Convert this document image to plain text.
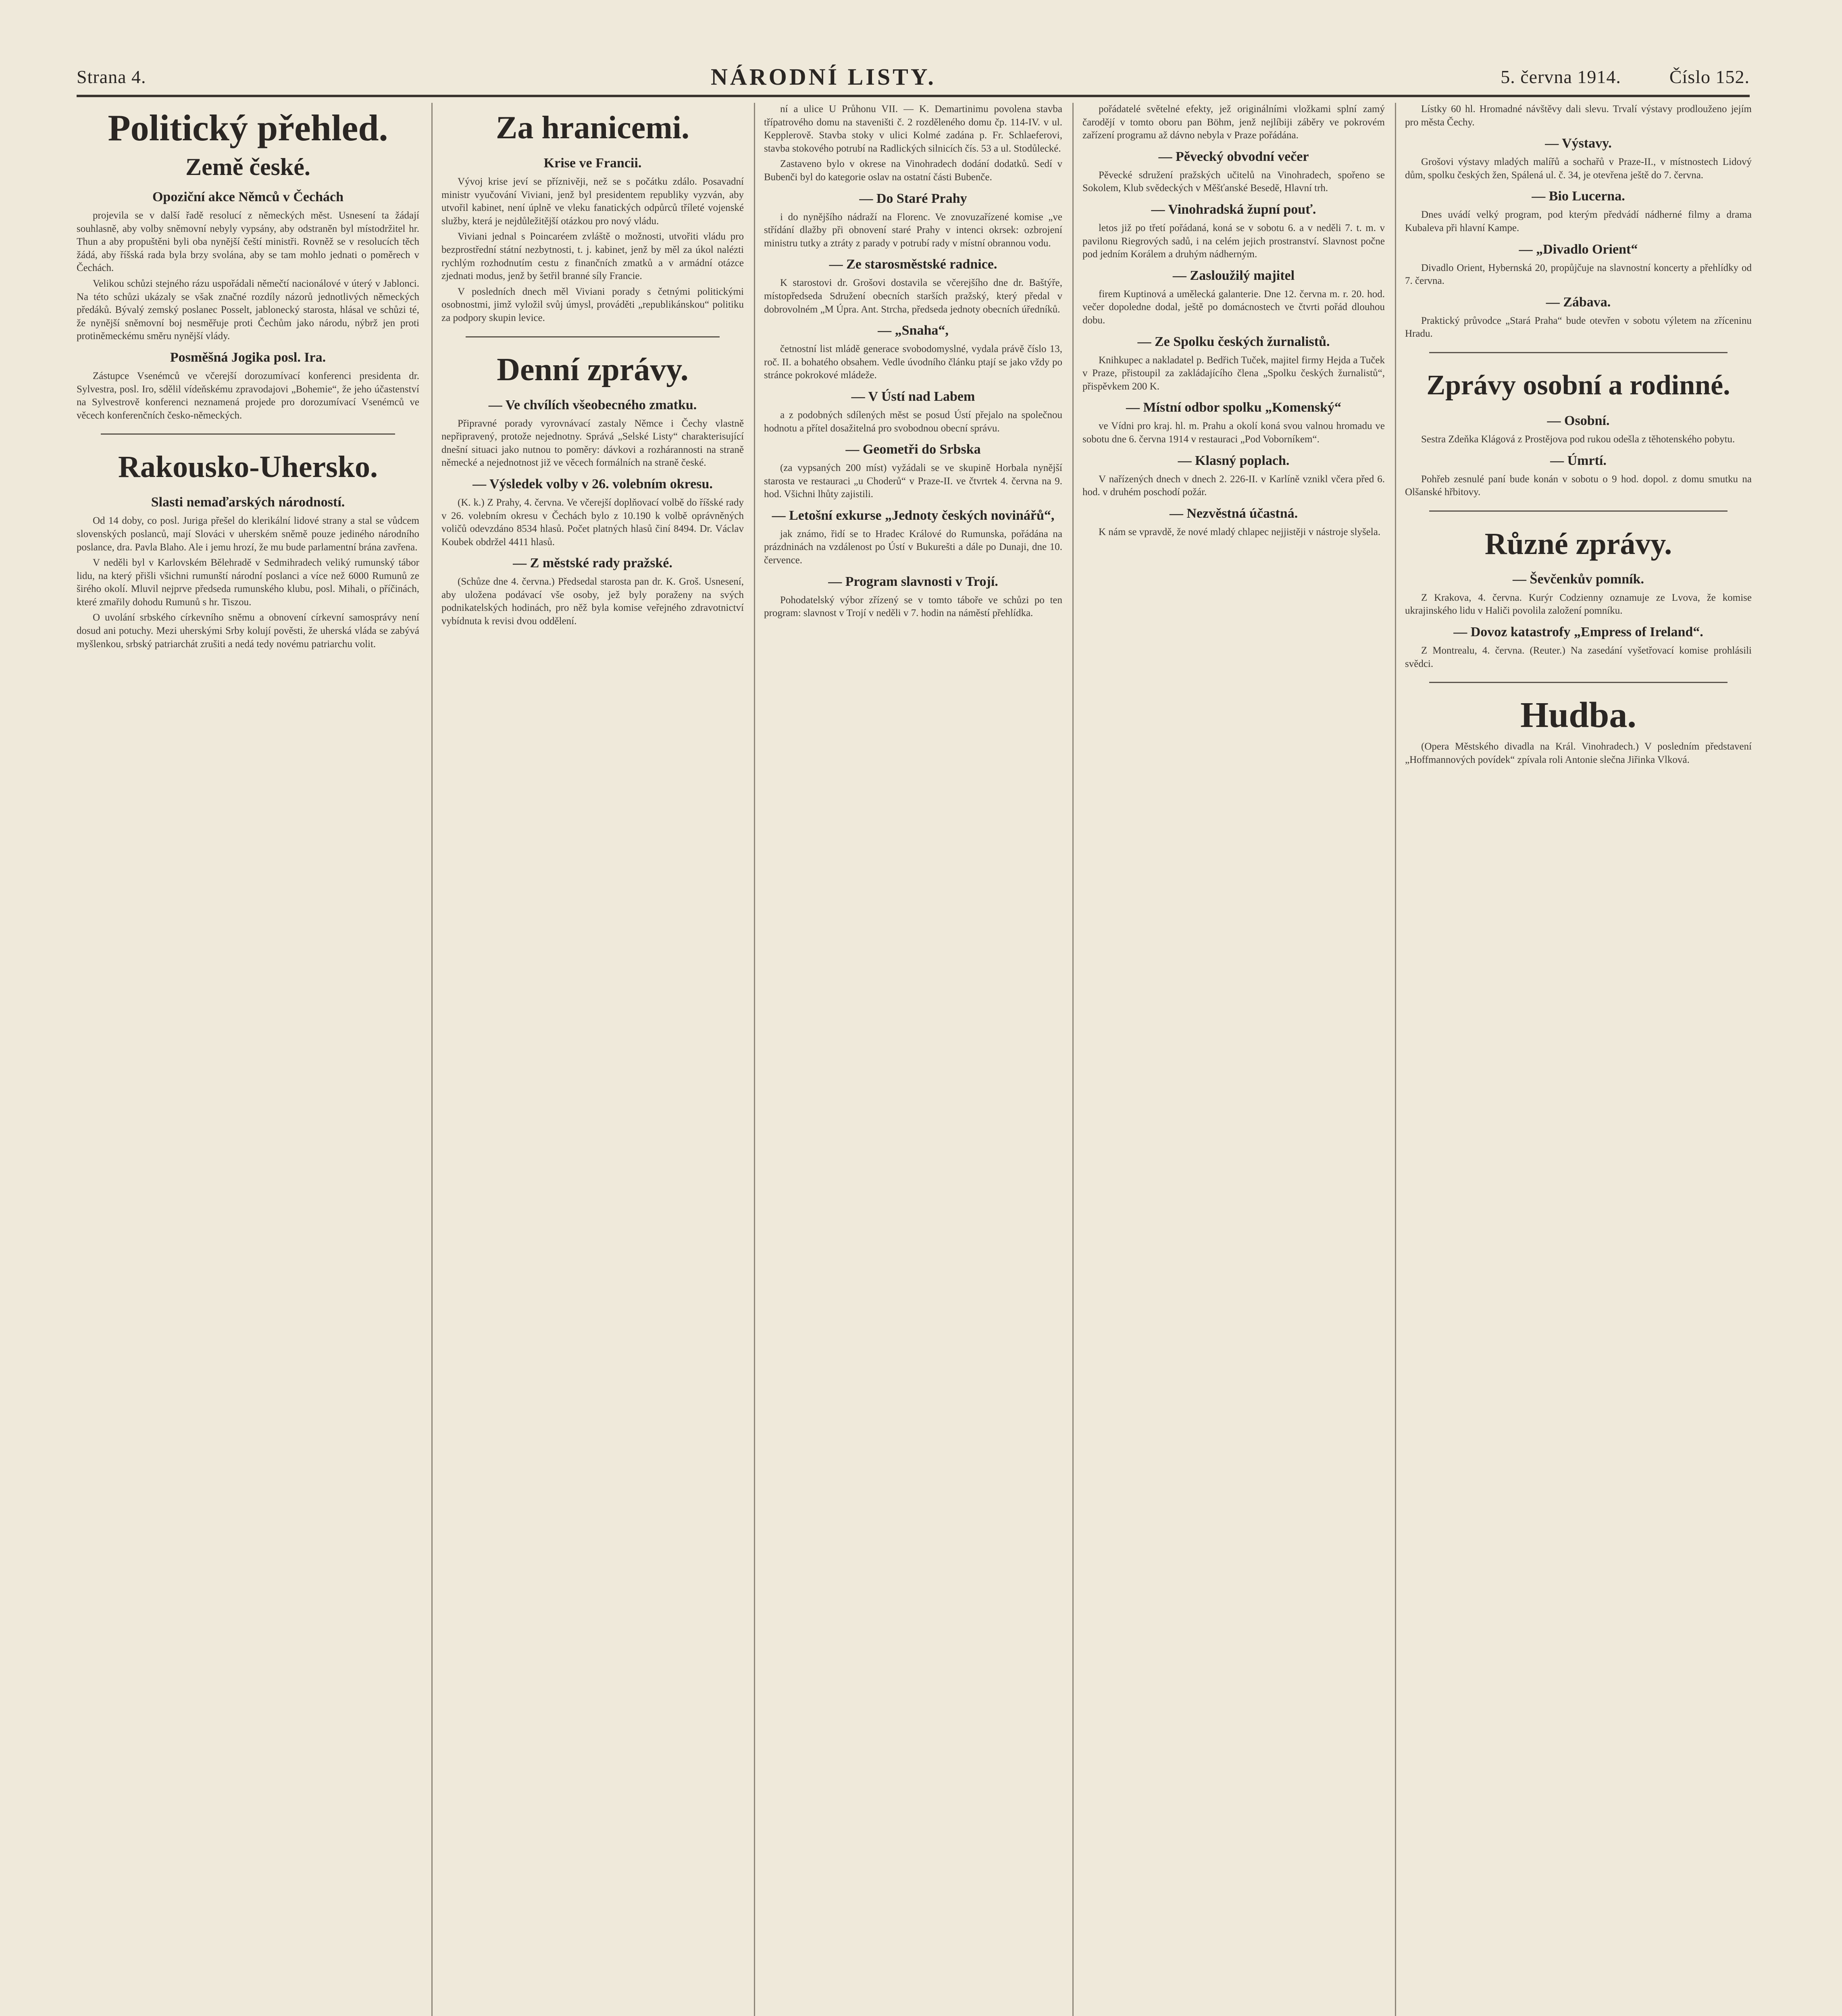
Strana 4.	NÁRODNÍ LISTY.	5. června 1914.	Číslo 152.
Politický přehled.
Země české.
Opoziční akce Němců v Čechách

projevila se v další řadě resolucí z německých měst. Usnesení ta žádají souhlasně, aby volby sněmovní nebyly vypsány, aby odstraněn byl místodržitel hr. Thun a aby propuštěni byli oba nynější čeští ministři. Rovněž se v resolucích těch žádá, aby říšská rada byla brzy svolána, aby se tam mohlo jednati o poměrech v Čechách.

Velikou schůzi stejného rázu uspořádali němečtí nacionálové v úterý v Jablonci. Na této schůzi ukázaly se však značné rozdíly názorů jednotlivých německých předáků. Bývalý zemský poslanec Posselt, jablonecký starosta, hlásal ve schůzi té, že nynější sněmovní boj nesměřuje proti Čechům jako národu, nýbrž jen proti protiněmeckému směru nynější vlády.

Posměšná Jogika posl. Ira.

Zástupce Vsenémců ve včerejší dorozumívací konferenci presidenta dr. Sylvestra, posl. Iro, sdělil vídeňskému zpravodajovi „Bohemie“, že jeho účastenství na Sylvestrově konferenci neznamená projede pro dorozumívací Vsenémců ve věcech konferenčních česko-německých.

Rakousko-Uhersko.
Slasti nemaďarských národností.

Od 14 doby, co posl. Juriga přešel do klerikální lidové strany a stal se vůdcem slovenských poslanců, mají Slováci v uherském sněmě pouze jediného národního poslance, dra. Pavla Blaho. Ale i jemu hrozí, že mu bude parlamentní brána zavřena.

V neděli byl v Karlovském Bělehradě v Sedmihradech veliký rumunský tábor lidu, na který přišli všichni rumunští národní poslanci a více než 6000 Rumunů ze širého okolí. Mluvil nejprve předseda rumunského klubu, posl. Mihali, o příčinách, které zmařily dohodu Rumunů s hr. Tiszou.

O uvolání srbského církevního sněmu a obnovení církevní samosprávy není dosud ani potuchy. Mezi uherskými Srby kolují pověsti, že uherská vláda se zabývá myšlenkou, srbský patriarchát zrušiti a nedá tedy novému patriarchu volit.

Za hranicemi.
Krise ve Francii.

Vývoj krise jeví se příznivěji, než se s počátku zdálo. Posavadní ministr vyučování Viviani, jenž byl presidentem republiky vyzván, aby utvořil kabinet, není úplně ve vleku fanatických odpůrců tříleté vojenské služby, která je nejdůležitější otázkou pro nový vládu.

Viviani jednal s Poincaréem zvláště o možnosti, utvořiti vládu pro bezprostřední státní nezbytnosti, t. j. kabinet, jenž by měl za úkol nalézti rychlým rozhodnutím cestu z finančních zmatků a v armádní otázce zjednati modus, jenž by šetřil branné síly Francie.

V posledních dnech měl Viviani porady s četnými politickými osobnostmi, jimž vyložil svůj úmysl, prováděti „republikánskou“ politiku za podpory skupin levice.

Denní zprávy.
— Ve chvílích všeobecného zmatku.

Připravné porady vyrovnávací zastaly Němce i Čechy vlastně nepřipravený, protože nejednotny. Správá „Selské Listy“ charakterisující dnešní situaci jako nutnou to poměry: dávkovi a rozhárannosti na straně německé a nejednotnost již ve věcech formálních na straně české.

— Výsledek volby v 26. volebním okresu.

(K. k.) Z Prahy, 4. června. Ve včerejší doplňovací volbě do říšské rady v 26. volebním okresu v Čechách bylo z 10.190 k volbě oprávněných voličů odevzdáno 8534 hlasů. Počet platných hlasů činí 8494. Dr. Václav Koubek obdržel 4411 hlasů.

— Z městské rady pražské.

(Schůze dne 4. června.) Předsedal starosta pan dr. K. Groš. Usnesení, aby uložena podávací vše osoby, jež byly poraženy na svých podnikatelských hodinách, pro něž byla komise veřejného zdravotnictví vybídnuta k revisi dvou oddělení.

ní a ulice U Průhonu VII. — K. Demartinimu povolena stavba třípatrového domu na staveništi č. 2 rozděleného domu čp. 114-IV. v ul. Kepplerově. Stavba stoky v ulici Kolmé zadána p. Fr. Schlaeferovi, stavba stokového potrubí na Radlických silnicích čís. 53 a ul. Stodůlecké.

Zastaveno bylo v okrese na Vinohradech dodání dodatků. Sedí v Bubenči byl do kategorie oslav na ostatní části Bubenče.

— Do Staré Prahy

i do nynějšího nádraží na Florenc. Ve znovuzařízené komise „ve střídání dlažby při obnovení staré Prahy v intenci okrsek: ozbrojení ministru tutky a ztráty z parady v potrubí rady v místní obrannou vodu.

— Ze starosměstské radnice.

K starostovi dr. Grošovi dostavila se včerejšího dne dr. Baštýře, místopředseda Sdružení obecních starších pražský, který předal v dobrovolném „M Úpra. Ant. Strcha, předseda jednoty obecních úředníků.

— „Snaha“,

četnostní list mládě generace svobodomyslné, vydala právě číslo 13, roč. II. a bohatého obsahem. Vedle úvodního článku ptají se jako vždy po stránce pokrokové mládeže.

— V Ústí nad Labem

a z podobných sdílených měst se posud Ústí přejalo na společnou hodnotu a přítel dosažitelná pro svobodnou obecní správu.

— Geometři do Srbska

(za vypsaných 200 míst) vyžádali se ve skupině Horbala nynější starosta ve restauraci „u Choderů“ v Praze-II. ve čtvrtek 4. června na 9. hod. Všichni lhůty zajistili.

— Letošní exkurse „Jednoty českých novinářů“,

jak známo, řidí se to Hradec Králové do Rumunska, pořádána na prázdninách na vzdálenost po Ústí v Bukurešti a dále po Dunaji, dne 10. července.

— Program slavnosti v Trojí.

Pohodatelský výbor zřízený se v tomto táboře ve schůzi po ten program: slavnost v Trojí v neděli v 7. hodin na náměstí přehlídka.

pořádatelé světelné efekty, jež originálními vložkami splní zamý čarodějí v tomto oboru pan Böhm, jenž nejlíbiji záběry ve pokrovém zařízení programu až dávno nebyla v Praze pořádána.

— Pěvecký obvodní večer

Pěvecké sdružení pražských učitelů na Vinohradech, spořeno se Sokolem, Klub svědeckých v Měšťanské Besedě, Hlavní trh.

— Vinohradská župní pouť.

letos již po třetí pořádaná, koná se v sobotu 6. a v neděli 7. t. m. v pavilonu Riegrových sadů, i na celém jejich prostranství. Slavnost počne pod jedním Korálem a druhým nádherným.

— Zasloužilý majitel

firem Kuptinová a umělecká galanterie. Dne 12. června m. r. 20. hod. večer dopoledne dodal, ještě po domácnostech ve čtvrti pořád dlouhou dobu.

— Ze Spolku českých žurnalistů.

Knihkupec a nakladatel p. Bedřich Tuček, majitel firmy Hejda a Tuček v Praze, přistoupil za zakládajícího člena „Spolku českých žurnalistů“, přispěvkem 200 K.

— Místní odbor spolku „Komenský“

ve Vídni pro kraj. hl. m. Prahu a okolí koná svou valnou hromadu ve sobotu dne 6. června 1914 v restauraci „Pod Voborníkem“.

— Klasný poplach.

V nařízených dnech v dnech 2. 226-II. v Karlíně vznikl včera před 6. hod. v druhém poschodí požár.

— Nezvěstná účastná.

K nám se vpravdě, že nové mladý chlapec nejjistěji v nástroje slyšela.

Lístky 60 hl. Hromadné návštěvy dali slevu. Trvalí výstavy prodlouženo jejím pro města Čechy.

— Výstavy.

Grošovi výstavy mladých malířů a sochařů v Praze-II., v místnostech Lidový dům, spolku českých žen, Spálená ul. č. 34, je otevřena ještě do 7. června.

— Bio Lucerna.

Dnes uvádí velký program, pod kterým předvádí nádherné filmy a drama Kubaleva při hlavní Kampe.

— „Divadlo Orient“

Divadlo Orient, Hybernská 20, propůjčuje na slavnostní koncerty a přehlídky od 7. června.

— Zábava.

Praktický průvodce „Stará Praha“ bude otevřen v sobotu výletem na zříceninu Hradu.

Zprávy osobní a rodinné.
— Osobní.

Sestra Zdeňka Klágová z Prostějova pod rukou odešla z těhotenského pobytu.

— Úmrtí.

Pohřeb zesnulé paní bude konán v sobotu o 9 hod. dopol. z domu smutku na Olšanské hřbitovy.

Různé zprávy.
— Ševčenkův pomník.

Z Krakova, 4. června. Kurýr Codzienny oznamuje ze Lvova, že komise ukrajinského lidu v Haliči povolila založení pomníku.

— Dovoz katastrofy „Empress of Ireland“.

Z Montrealu, 4. června. (Reuter.) Na zasedání vyšetřovací komise prohlásili svědci.

Hudba.

(Opera Městského divadla na Král. Vinohradech.) V posledním představení „Hoffmannových povídek“ zpívala roli Antonie slečna Jiřinka Vlková.
